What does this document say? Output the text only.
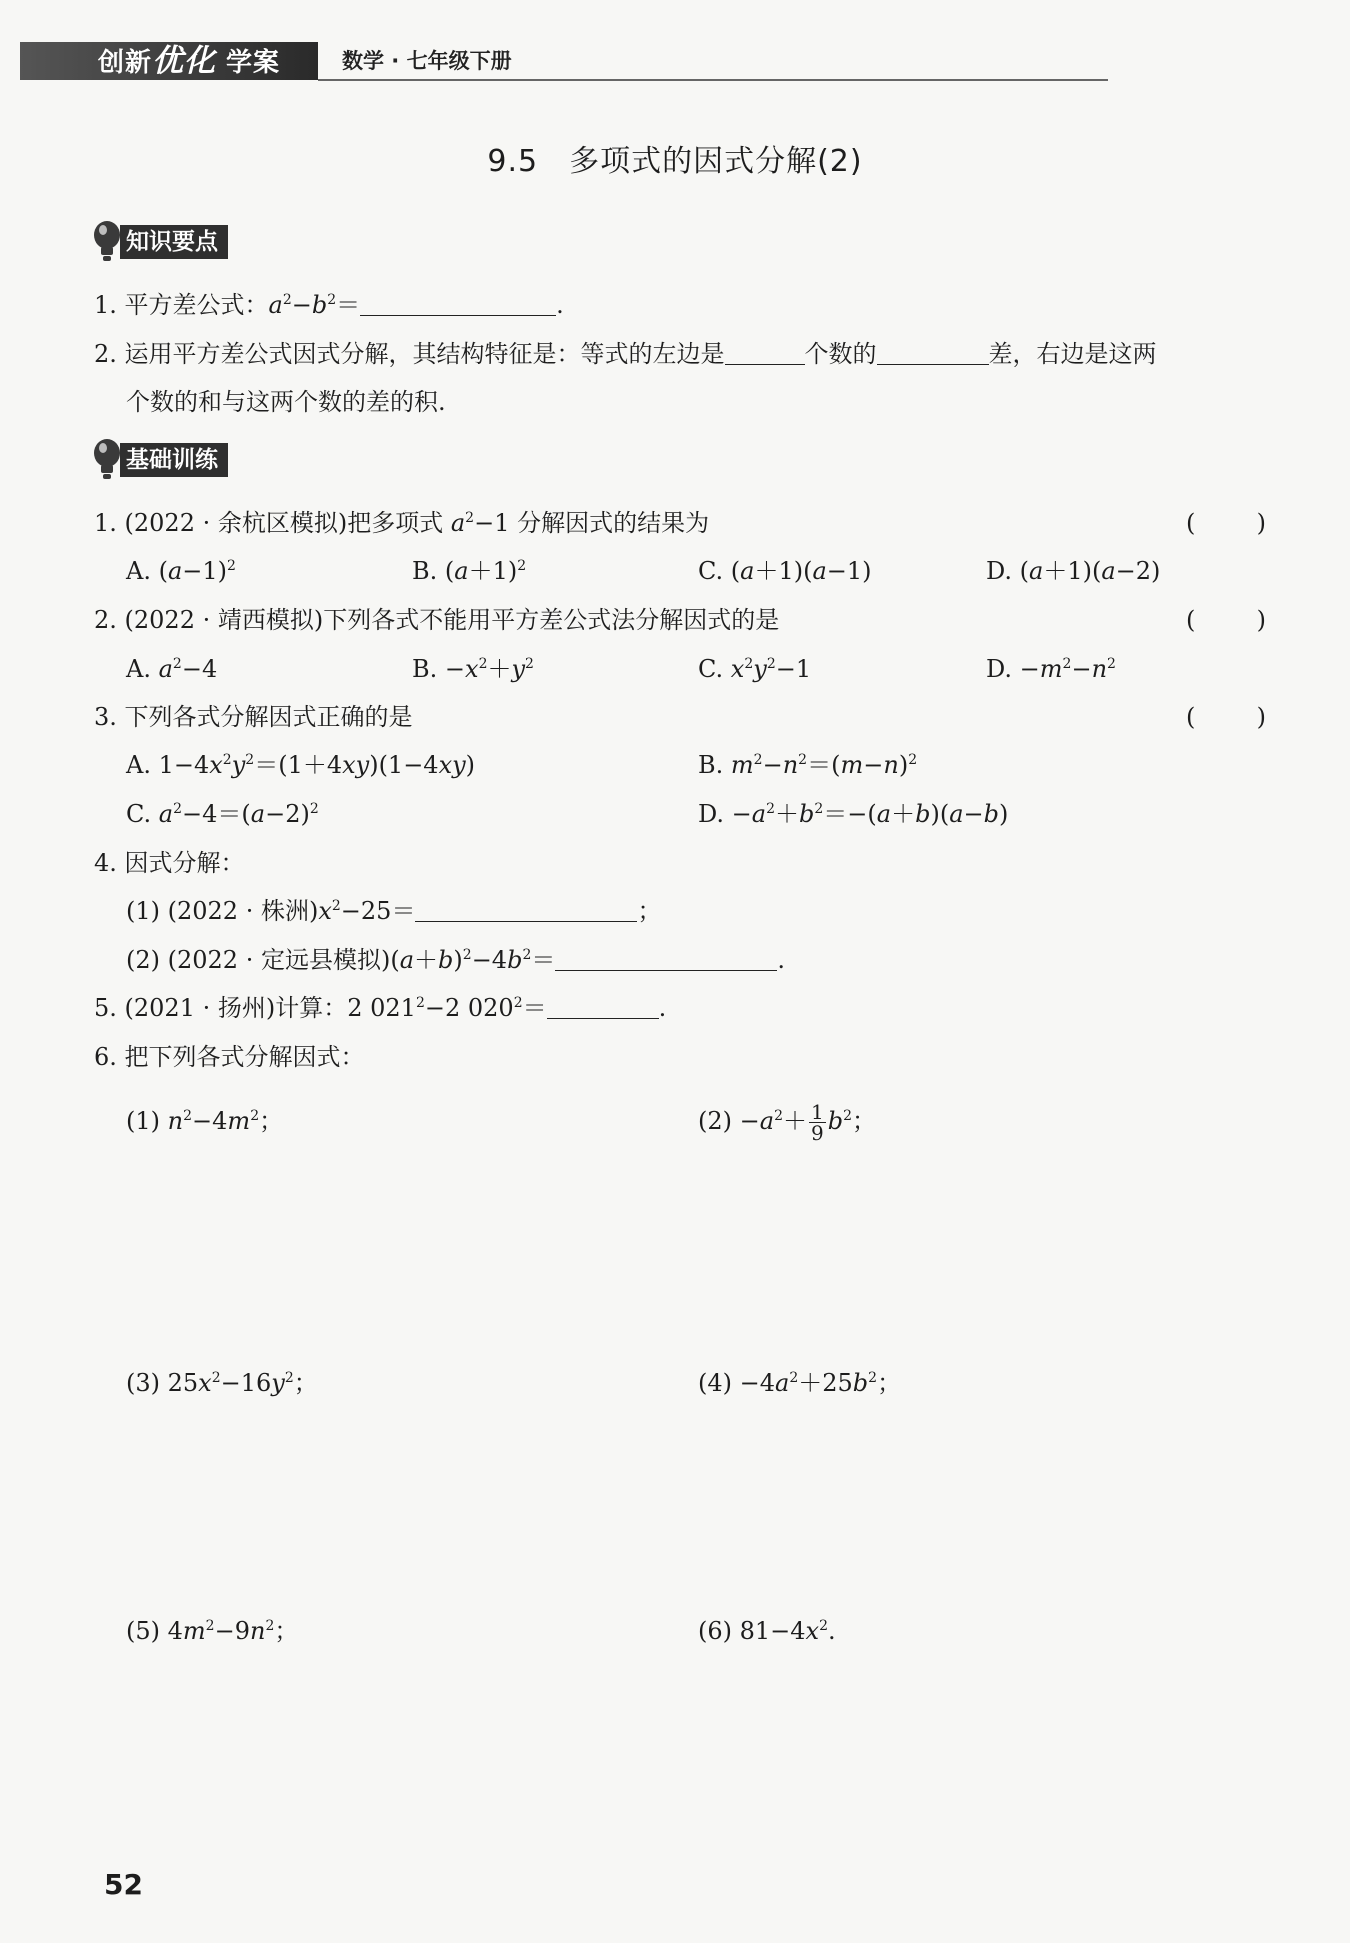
创新优化 学案	数学 · 七年级下册
9.5　多项式的因式分解(2)
知识要点
1. 平方差公式：$a^2-b^2=$	.
2. 运用平方差公式因式分解，其结构特征是：等式的左边是	个数的	差，右边是这两
个数的和与这两个数的差的积.
基础训练
1. (2022 · 余杭区模拟)把多项式 $a^2-1$ 分解因式的结果为	(	)
A. $(a-1)^2$	B. $(a+1)^2$	C. (a＋1)(a−1)	D. (a＋1)(a−2)
2. (2022 · 靖西模拟)下列各式不能用平方差公式法分解因式的是	(	)
A. $a^2-4$	B. $-x^2+y^2$	C. $x^2y^2-1$	D. $-m^2-n^2$
3. 下列各式分解因式正确的是	(	)
A. $1-4x^2y^2=(1+4xy)(1-4xy)$	B. $m^2-n^2=(m-n)^2$
C. $a^2-4=(a-2)^2$	D. $-a^2+b^2=-(a+b)(a-b)$
4. 因式分解：
(1) (2022 · 株洲)$x^2-25=$	；
(2) (2022 · 定远县模拟)$(a+b)^2-4b^2=$	.
5. (2021 · 扬州)计算：2 $021^2-2$ $020^2=$	.
6. 把下列各式分解因式：
(1) $n^2-4m^2$；	$(2) -a^2+ \frac{1}{9} b^2$；
(3) $25x^2-16y^2$；	$(4) -4a^2+25b^2$；
(5) $4m^2-9n^2$；	(6) $81-4x^2$.
52
